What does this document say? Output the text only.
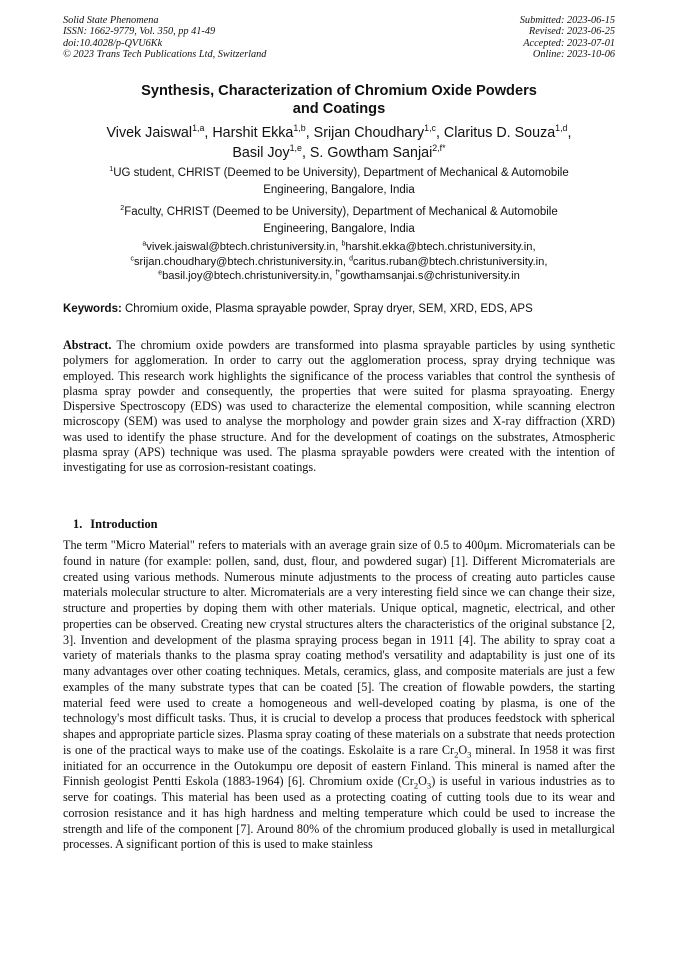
Solid State Phenomena
ISSN: 1662-9779, Vol. 350, pp 41-49
doi:10.4028/p-QVU6Kk
© 2023 Trans Tech Publications Ltd, Switzerland
Submitted: 2023-06-15
Revised: 2023-06-25
Accepted: 2023-07-01
Online: 2023-10-06
Synthesis, Characterization of Chromium Oxide Powders
and Coatings
Vivek Jaiswal$^{1,a}$, Harshit Ekka$^{1,b}$, Srijan Choudhary$^{1,c}$, Claritus D. Souza$^{1,d}$,
Basil Joy$^{1,e}$, S. Gowtham Sanjai$^{2,f*}$
$^1$UG student, CHRIST (Deemed to be University), Department of Mechanical & Automobile
Engineering, Bangalore, India
$^2$Faculty, CHRIST (Deemed to be University), Department of Mechanical & Automobile
Engineering, Bangalore, India
$^a$vivek.jaiswal@btech.christuniversity.in, $^b$harshit.ekka@btech.christuniversity.in,
$^c$srijan.choudhary@btech.christuniversity.in, $^d$caritus.ruban@btech.christuniversity.in,
$^e$basil.joy@btech.christuniversity.in, $^{f*}$gowthamsanjai.s@christuniversity.in
Keywords: Chromium oxide, Plasma sprayable powder, Spray dryer, SEM, XRD, EDS, APS
Abstract. The chromium oxide powders are transformed into plasma sprayable particles by using synthetic polymers for agglomeration. In order to carry out the agglomeration process, spray drying technique was employed. This research work highlights the significance of the process variables that control the synthesis of plasma spray powder and consequently, the properties that were suited for plasma sprayoating. Energy Dispersive Spectroscopy (EDS) was used to characterize the elemental composition, while scanning electron microscopy (SEM) was used to analyse the morphology and powder grain sizes and X-ray diffraction (XRD) was used to identify the phase structure. And for the development of coatings on the substrates, Atmospheric plasma spray (APS) technique was used. The plasma sprayable powders were created with the intention of investigating for use as corrosion-resistant coatings.
1. Introduction
The term "Micro Material" refers to materials with an average grain size of 0.5 to 400μm. Micromaterials can be found in nature (for example: pollen, sand, dust, flour, and powdered sugar) [1]. Different Micromaterials are created using various methods. Numerous minute adjustments to the process of creating auto particles cause materials molecular structure to alter. Micromaterials are a very interesting field since we can change their size, structure and properties by doping them with other materials. Unique optical, magnetic, electrical, and other properties can be observed. Creating new crystal structures alters the characteristics of the original substance [2, 3]. Invention and development of the plasma spraying process began in 1911 [4]. The ability to spray coat a variety of materials thanks to the plasma spray coating method's versatility and adaptability is just one of its many advantages over other coating techniques. Metals, ceramics, glass, and composite materials are just a few examples of the many substrate types that can be coated [5]. The creation of flowable powders, the starting material feed were used to create a homogeneous and well-developed coating by plasma, is one of the technology's most difficult tasks. Thus, it is crucial to develop a process that produces feedstock with spherical shapes and appropriate particle sizes. Plasma spray coating of these materials on a substrate that needs protection is one of the practical ways to make use of the coatings. Eskolaite is a rare $Cr_2O_3$ mineral. In 1958 it was first initiated for an occurrence in the Outokumpu ore deposit of eastern Finland. This mineral is named after the Finnish geologist Pentti Eskola (1883-1964) [6]. Chromium oxide $(Cr_2O_3)$ is useful in various industries as to serve for coatings. This material has been used as a protecting coating of cutting tools due to its wear and corrosion resistance and it has high hardness and melting temperature which could be used to increase the strength and life of the component [7]. Around 80% of the chromium produced globally is used in metallurgical processes. A significant portion of this is used to make stainless
